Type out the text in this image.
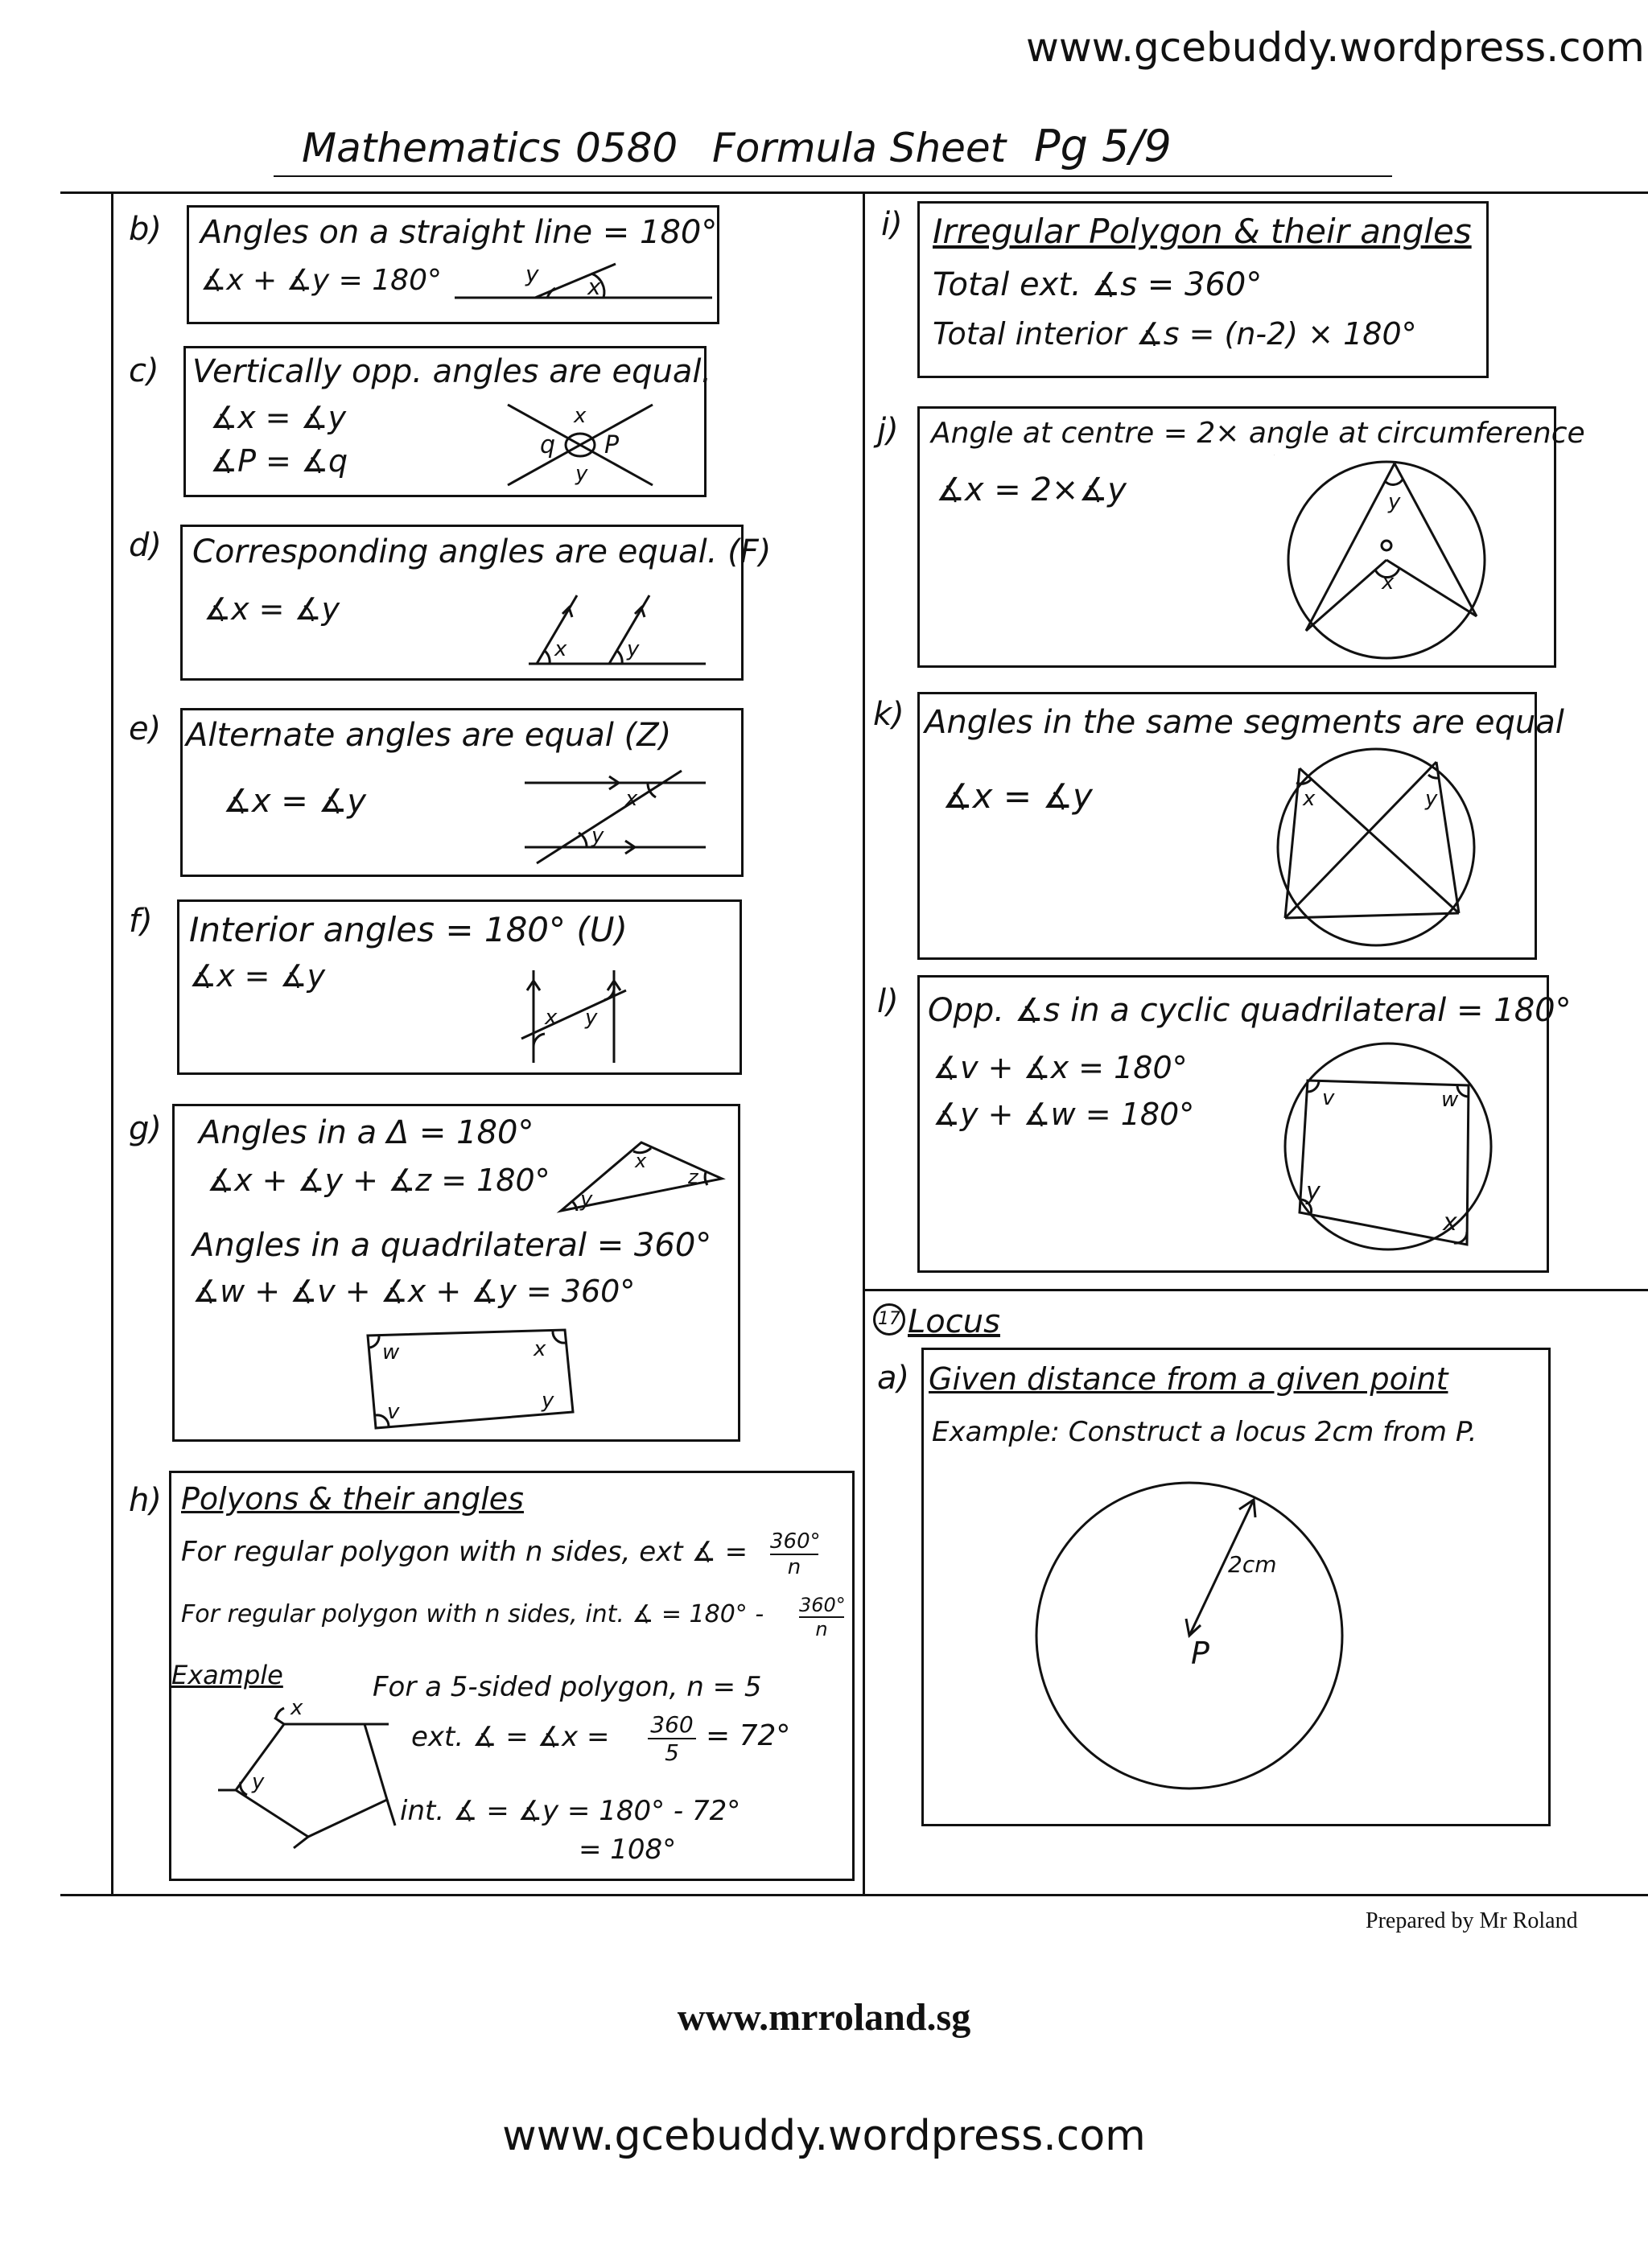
www.gcebuddy.wordpress.com
Mathematics 0580 Formula Sheet Pg 5/9
b) Angles on a straight line = 180°
∡x + ∡y = 180°	y x
c) Vertically opp. angles are equal.
∡x = ∡y
∡P = ∡q
x
y
q P
d) Corresponding angles are equal. (F)
∡x = ∡y
x	y
e) Alternate angles are equal (Z)
∡x = ∡y	x
y
f) Interior angles = 180° (U)
∡x = ∡y
x y
g) Angles in a Δ = 180°
∡x + ∡y + ∡z = 180°
Angles in a quadrilateral = 360°
∡w + ∡v + ∡x + ∡y = 360°
x
y
z
w	x
v	y
h) Polyons & their angles
For regular polygon with n sides, ext ∡ = $\frac{360^\circ}{n}$
For regular polygon with n sides, int. ∡ = $180^\circ - \frac{360^\circ}{n}$
Example	For a 5-sided polygon, n = 5
ext. ∡ = ∡x = $\frac{360}{5} = 72^\circ$
int. ∡ = ∡y = 180° - 72°
= 108°
x
y
i) Irregular Polygon & their angles
Total ext. ∡s = 360°
Total interior ∡s = (n-2) × 180°
j) Angle at centre = 2× angle at circumference
∡x = 2×∡y	y
o
x
k) Angles in the same segments are equal
∡x = ∡y	x	y
l) Opp. ∡s in a cyclic quadrilateral = 180°
∡v + ∡x = 180°
∡y + ∡w = 180°	v	w
y
x
17 Locus
a) Given distance from a given point
Example: Construct a locus 2cm from P.
2cm
P
Prepared by Mr Roland
www.mrroland.sg
www.gcebuddy.wordpress.com
